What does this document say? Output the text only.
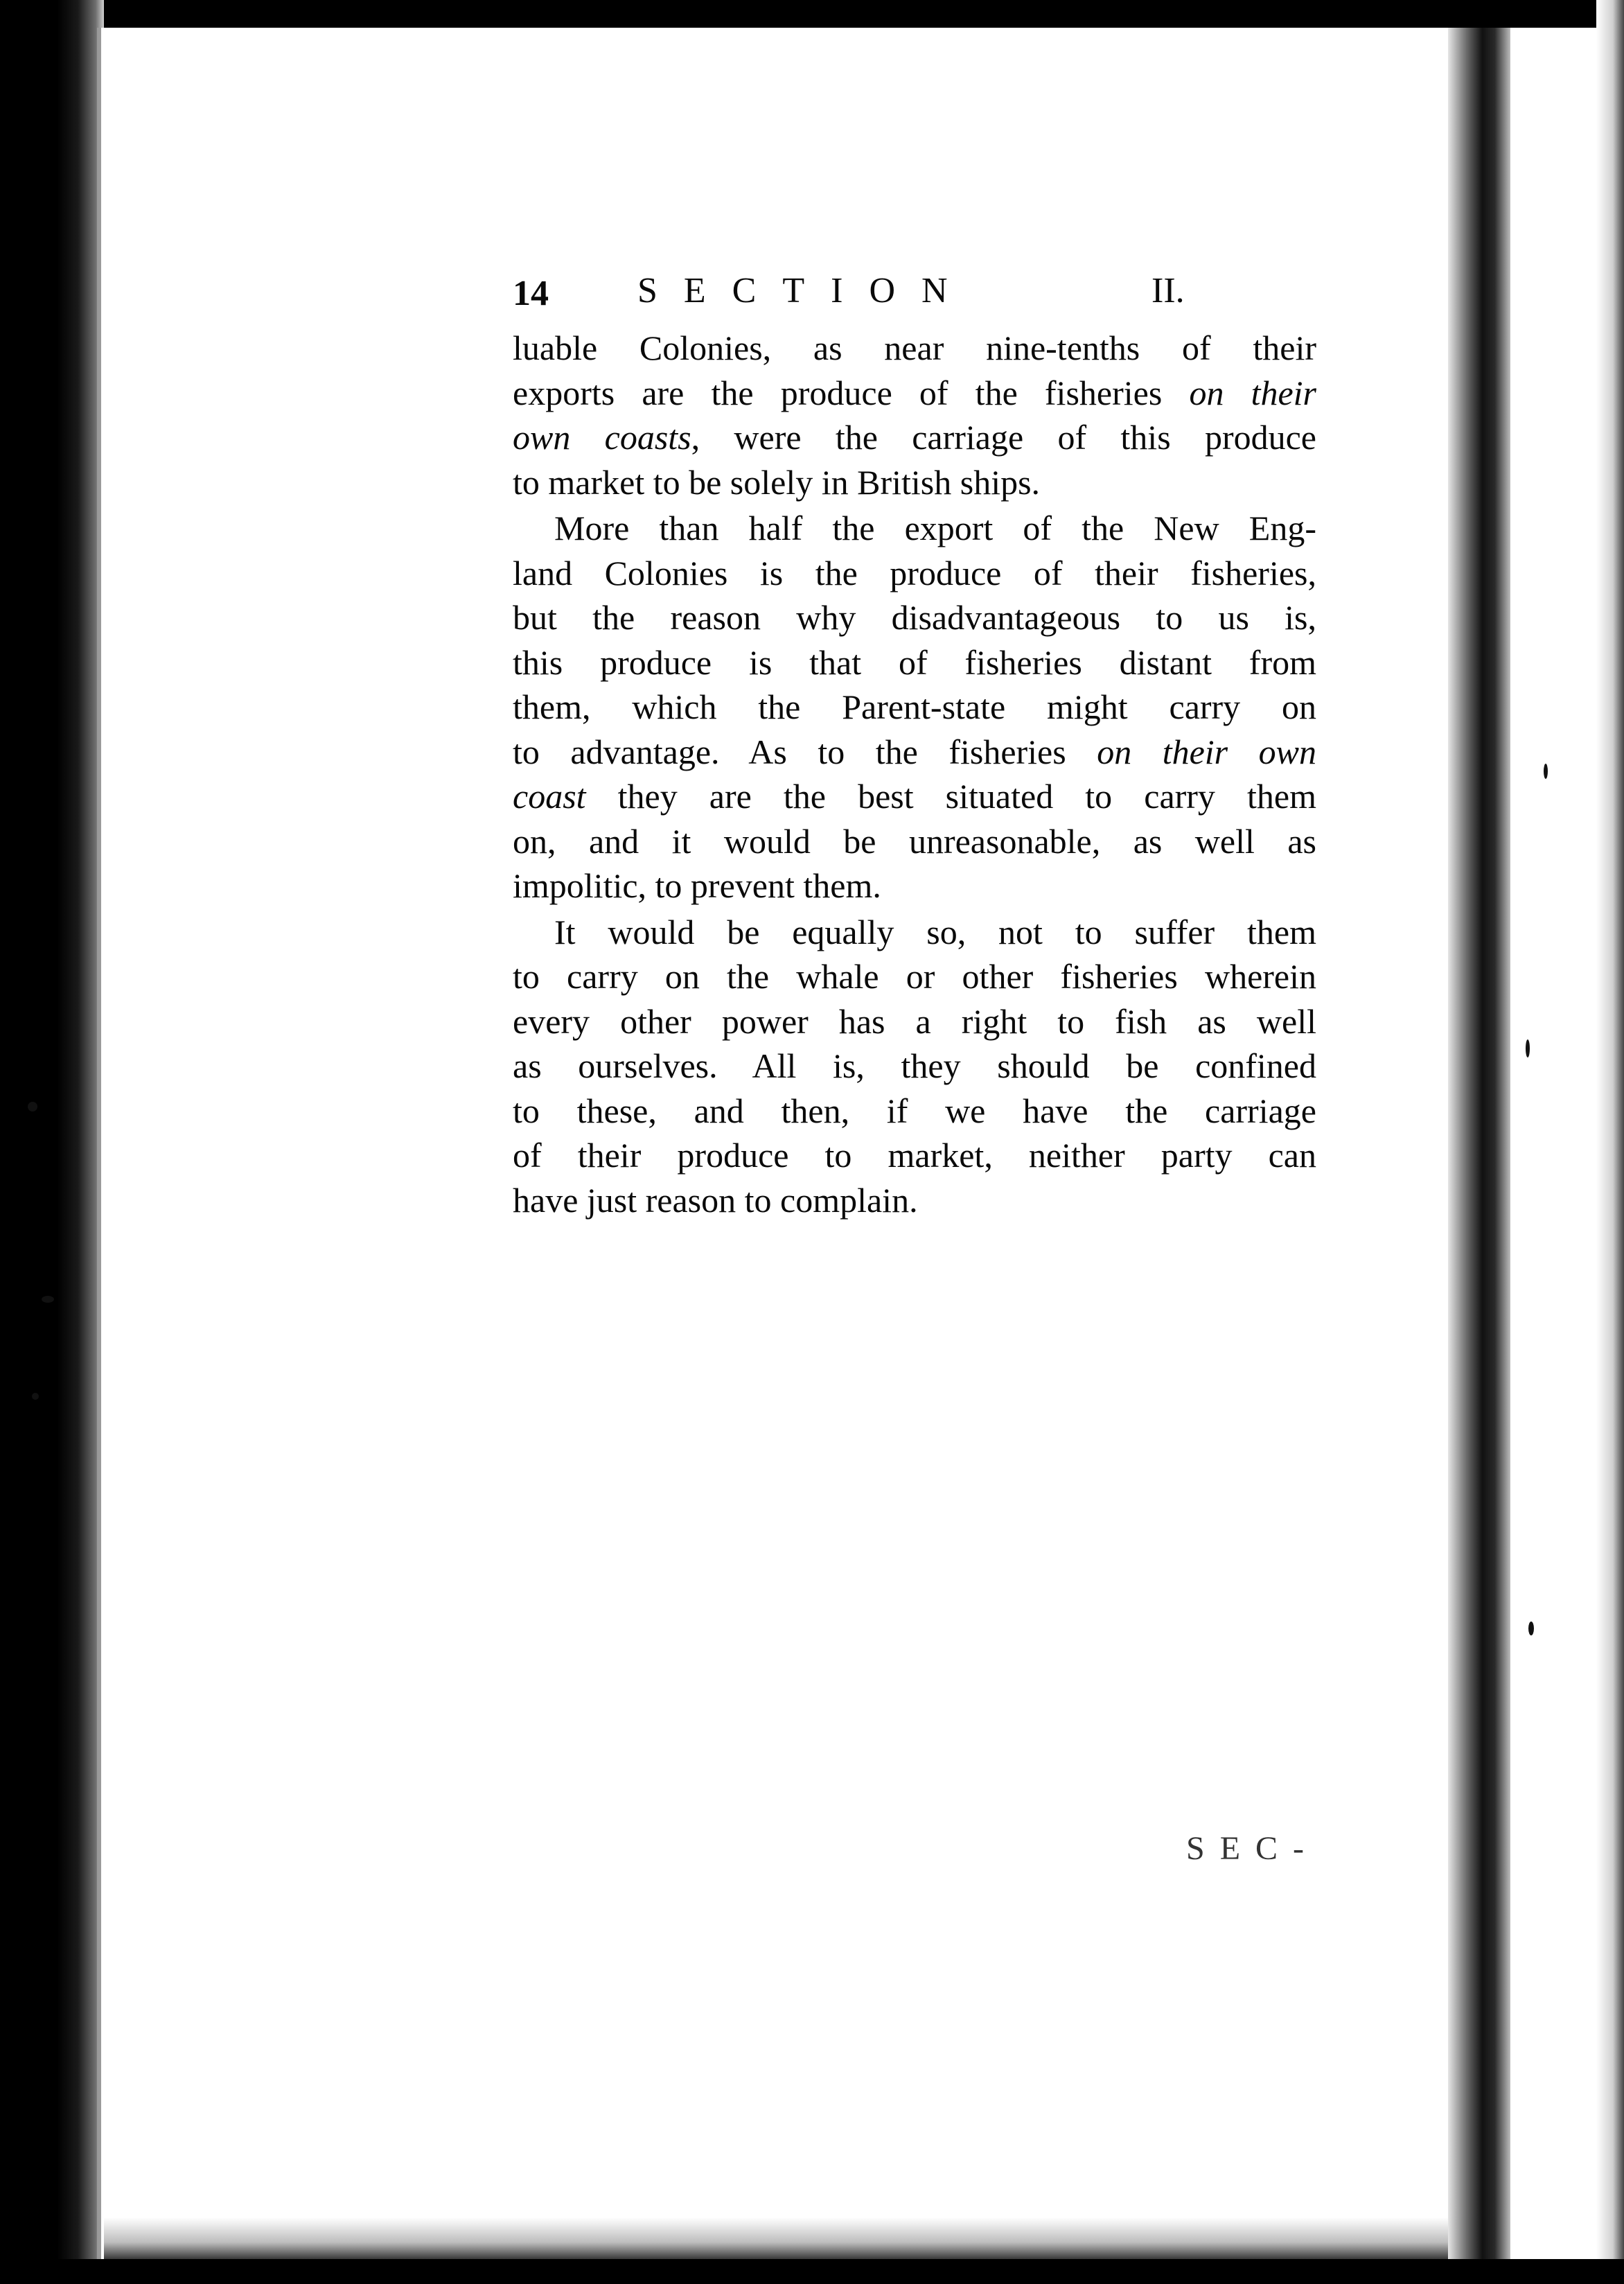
14 SECTION	II.
luable Colonies, as near nine-tenths of their
exports are the produce of the fisheries on their
own coasts, were the carriage of this produce
to market to be solely in British ships.
More than half the export of the New Eng-
land Colonies is the produce of their fisheries,
but the reason why disadvantageous to us is,
this produce is that of fisheries distant from
them, which the Parent-state might carry on
to advantage. As to the fisheries on their own
coast they are the best situated to carry them
on, and it would be unreasonable, as well as
impolitic, to prevent them.
It would be equally so, not to suffer them
to carry on the whale or other fisheries wherein
every other power has a right to fish as well
as ourselves. All is, they should be confined
to these, and then, if we have the carriage
of their produce to market, neither party can
have just reason to complain.
SEC-
